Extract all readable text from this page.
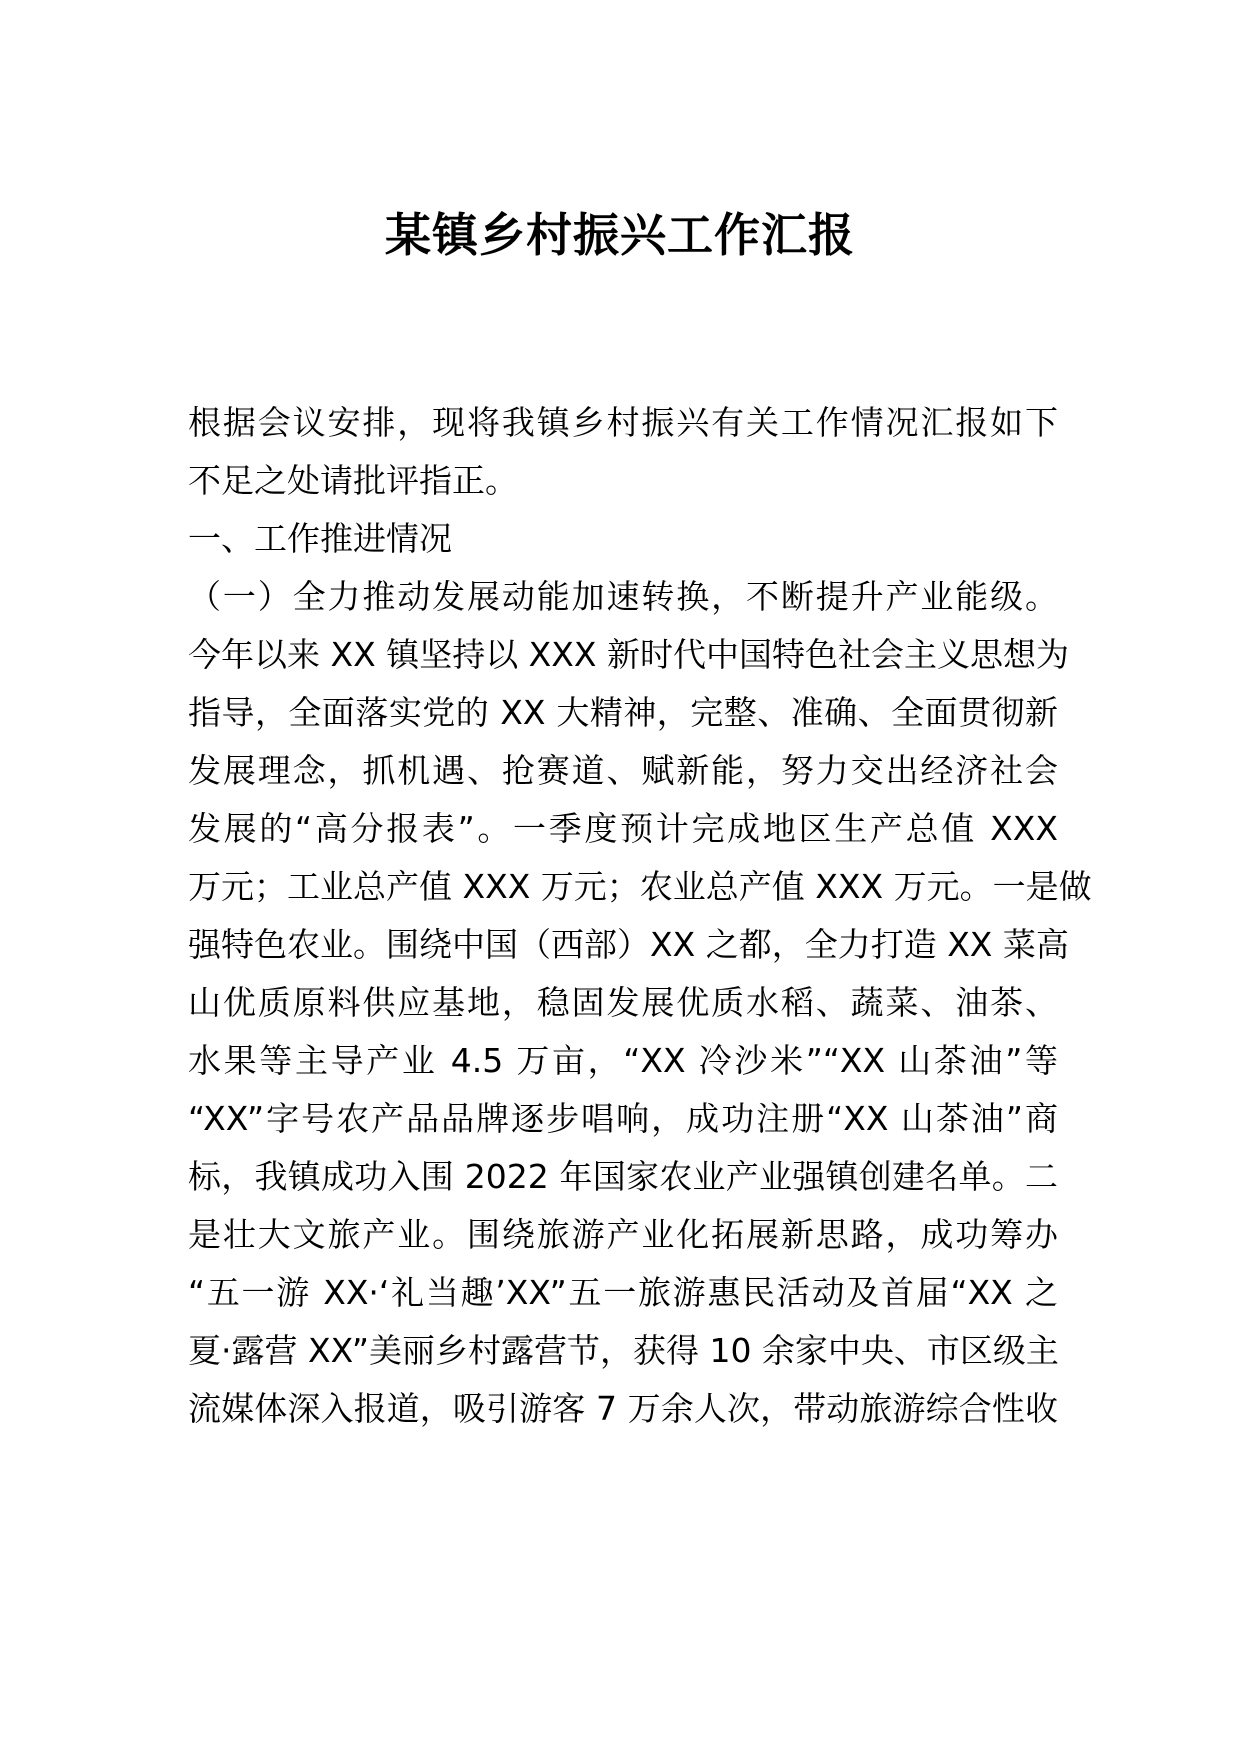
某镇乡村振兴工作汇报
根据会议安排，现将我镇乡村振兴有关工作情况汇报如下
不足之处请批评指正。
一、工作推进情况
（一）全力推动发展动能加速转换，不断提升产业能级。
今年以来 XX 镇坚持以 XXX 新时代中国特色社会主义思想为
指导，全面落实党的 XX 大精神，完整、准确、全面贯彻新
发展理念，抓机遇、抢赛道、赋新能，努力交出经济社会
发展的“高分报表”。一季度预计完成地区生产总值 XXX
万元；工业总产值 XXX 万元；农业总产值 XXX 万元。一是做
强特色农业。围绕中国（西部）XX 之都，全力打造 XX 菜高
山优质原料供应基地，稳固发展优质水稻、蔬菜、油茶、
水果等主导产业 4.5 万亩，“XX 冷沙米”“XX 山茶油”等
“XX”字号农产品品牌逐步唱响，成功注册“XX 山茶油”商
标，我镇成功入围 2022 年国家农业产业强镇创建名单。二
是壮大文旅产业。围绕旅游产业化拓展新思路，成功筹办
“五一游 XX·‘礼当趣’XX”五一旅游惠民活动及首届“XX 之
夏·露营 XX”美丽乡村露营节，获得 10 余家中央、市区级主
流媒体深入报道，吸引游客 7 万余人次，带动旅游综合性收
